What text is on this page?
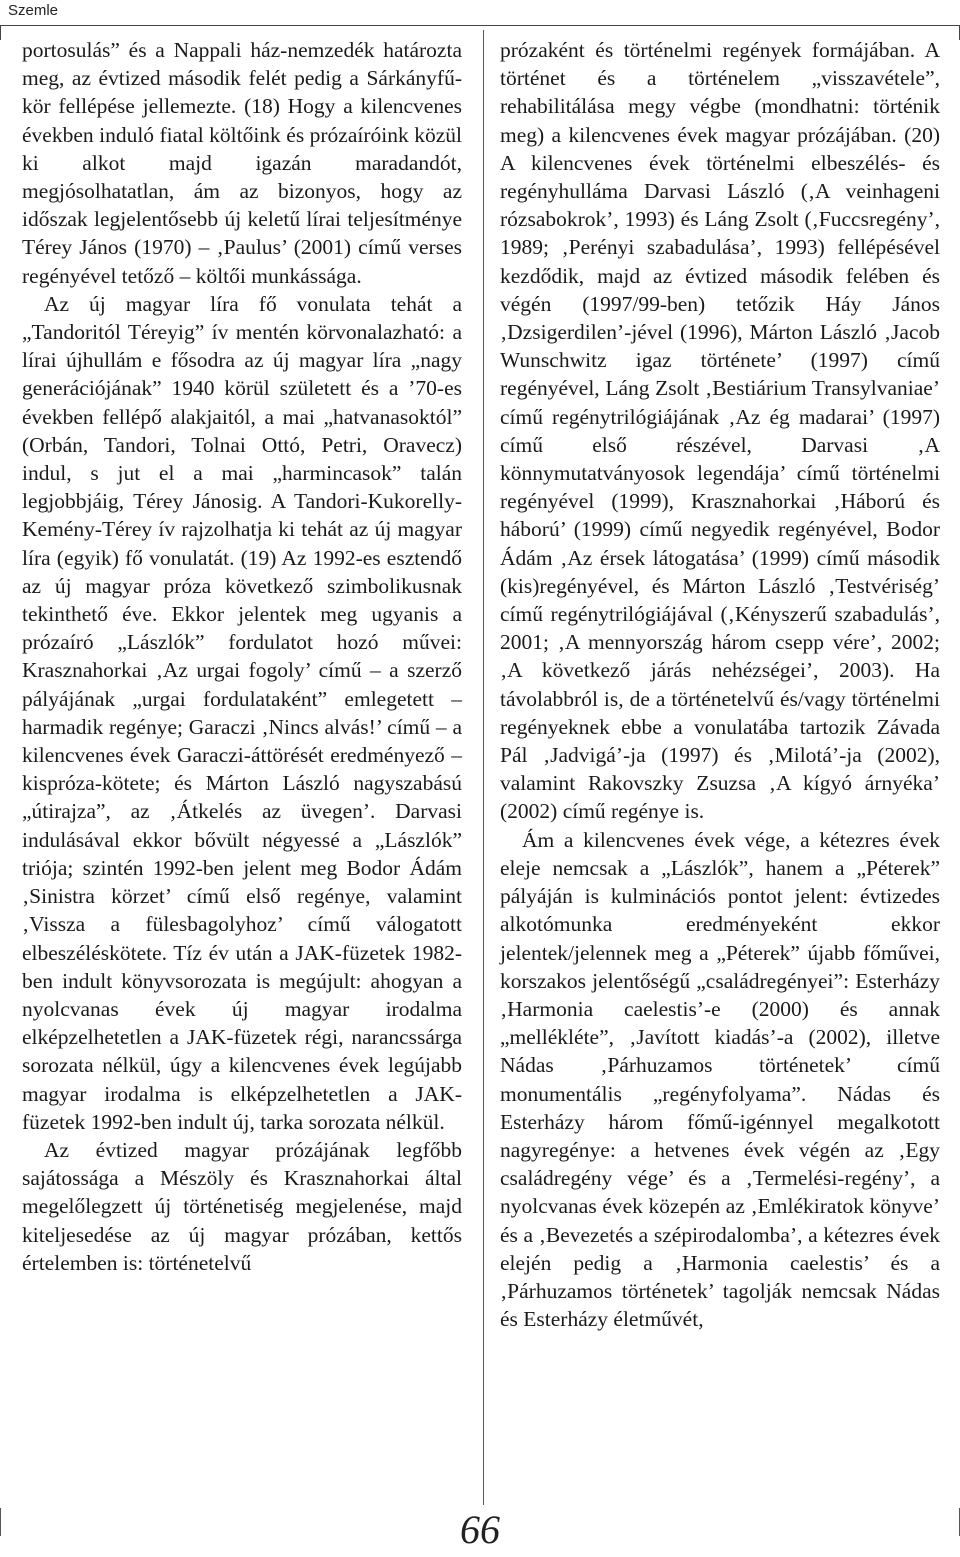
Szemle

portosulás” és a Nappali ház-nemzedék határozta meg, az évtized második felét pedig a Sárkányfű-kör fellépése jellemezte. (18) Hogy a kilencvenes években induló fiatal költőink és prózaíróink közül ki alkot majd igazán maradandót, megjósolhatatlan, ám az bizonyos, hogy az időszak legjelentősebb új keletű lírai teljesítménye Térey János (1970) – ‚Paulus’ (2001) című verses regényével tetőző – költői munkássága.

Az új magyar líra fő vonulata tehát a „Tandoritól Téreyig” ív mentén körvonalazható: a lírai újhullám e fősodra az új magyar líra „nagy generációjának” 1940 körül született és a ’70-es években fellépő alakjaitól, a mai „hatvanasoktól” (Orbán, Tandori, Tolnai Ottó, Petri, Oravecz) indul, s jut el a mai „harmincasok” talán legjobbjáig, Térey Jánosig. A Tandori-Kukorelly-Kemény-Térey ív rajzolhatja ki tehát az új magyar líra (egyik) fő vonulatát. (19) Az 1992-es esztendő az új magyar próza következő szimbolikusnak tekinthető éve. Ekkor jelentek meg ugyanis a prózaíró „Lászlók” fordulatot hozó művei: Krasznahorkai ‚Az urgai fogoly’ című – a szerző pályájának „urgai fordulataként” emlegetett – harmadik regénye; Garaczi ‚Nincs alvás!’ című – a kilencvenes évek Garaczi-áttörését eredményező – kispróza-kötete; és Márton László nagyszabású „útirajza”, az ‚Átkelés az üvegen’. Darvasi indulásával ekkor bővült négyessé a „Lászlók” triója; szintén 1992-ben jelent meg Bodor Ádám ‚Sinistra körzet’ című első regénye, valamint ‚Vissza a fülesbagolyhoz’ című válogatott elbeszéléskötete. Tíz év után a JAK-füzetek 1982-ben indult könyvsorozata is megújult: ahogyan a nyolcvanas évek új magyar irodalma elképzelhetetlen a JAK-füzetek régi, narancssárga sorozata nélkül, úgy a kilencvenes évek legújabb magyar irodalma is elképzelhetetlen a JAK-füzetek 1992-ben indult új, tarka sorozata nélkül.

Az évtized magyar prózájának legfőbb sajátossága a Mészöly és Krasznahorkai által megelőlegzett új történetiség megjelenése, majd kiteljesedése az új magyar prózában, kettős értelemben is: történetelvű

prózaként és történelmi regények formájában. A történet és a történelem „visszavétele”, rehabilitálása megy végbe (mondhatni: történik meg) a kilencvenes évek magyar prózájában. (20) A kilencvenes évek történelmi elbeszélés- és regényhulláma Darvasi László (‚A veinhageni rózsabokrok’, 1993) és Láng Zsolt (‚Fuccsregény’, 1989; ‚Perényi szabadulása’, 1993) fellépésével kezdődik, majd az évtized második felében és végén (1997/99-ben) tetőzik Háy János ‚Dzsigerdilen’-jével (1996), Márton László ‚Jacob Wunschwitz igaz története’ (1997) című regényével, Láng Zsolt ‚Bestiárium Transylvaniae’ című regénytrilógiájának ‚Az ég madarai’ (1997) című első részével, Darvasi ‚A könnymutatványosok legendája’ című történelmi regényével (1999), Krasznahorkai ‚Háború és háború’ (1999) című negyedik regényével, Bodor Ádám ‚Az érsek látogatása’ (1999) című második (kis)regényével, és Márton László ‚Testvériség’ című regénytrilógiájával (‚Kényszerű szabadulás’, 2001; ‚A mennyország három csepp vére’, 2002; ‚A következő járás nehézségei’, 2003). Ha távolabbról is, de a történetelvű és/vagy történelmi regényeknek ebbe a vonulatába tartozik Závada Pál ‚Jadvigá’-ja (1997) és ‚Milotá’-ja (2002), valamint Rakovszky Zsuzsa ‚A kígyó árnyéka’ (2002) című regénye is.

Ám a kilencvenes évek vége, a kétezres évek eleje nemcsak a „Lászlók”, hanem a „Péterek” pályáján is kulminációs pontot jelent: évtizedes alkotómunka eredményeként ekkor jelentek/jelennek meg a „Péterek” újabb főművei, korszakos jelentőségű „családregényei”: Esterházy ‚Harmonia caelestis’-e (2000) és annak „mellékléte”, ‚Javított kiadás’-a (2002), illetve Nádas ‚Párhuzamos történetek’ című monumentális „regényfolyama”. Nádas és Esterházy három főmű-igénnyel megalkotott nagyregénye: a hetvenes évek végén az ‚Egy családregény vége’ és a ‚Termelési-regény’, a nyolcvanas évek közepén az ‚Emlékiratok könyve’ és a ‚Bevezetés a szépirodalomba’, a kétezres évek elején pedig a ‚Harmonia caelestis’ és a ‚Párhuzamos történetek’ tagolják nemcsak Nádas és Esterházy életművét,

66
